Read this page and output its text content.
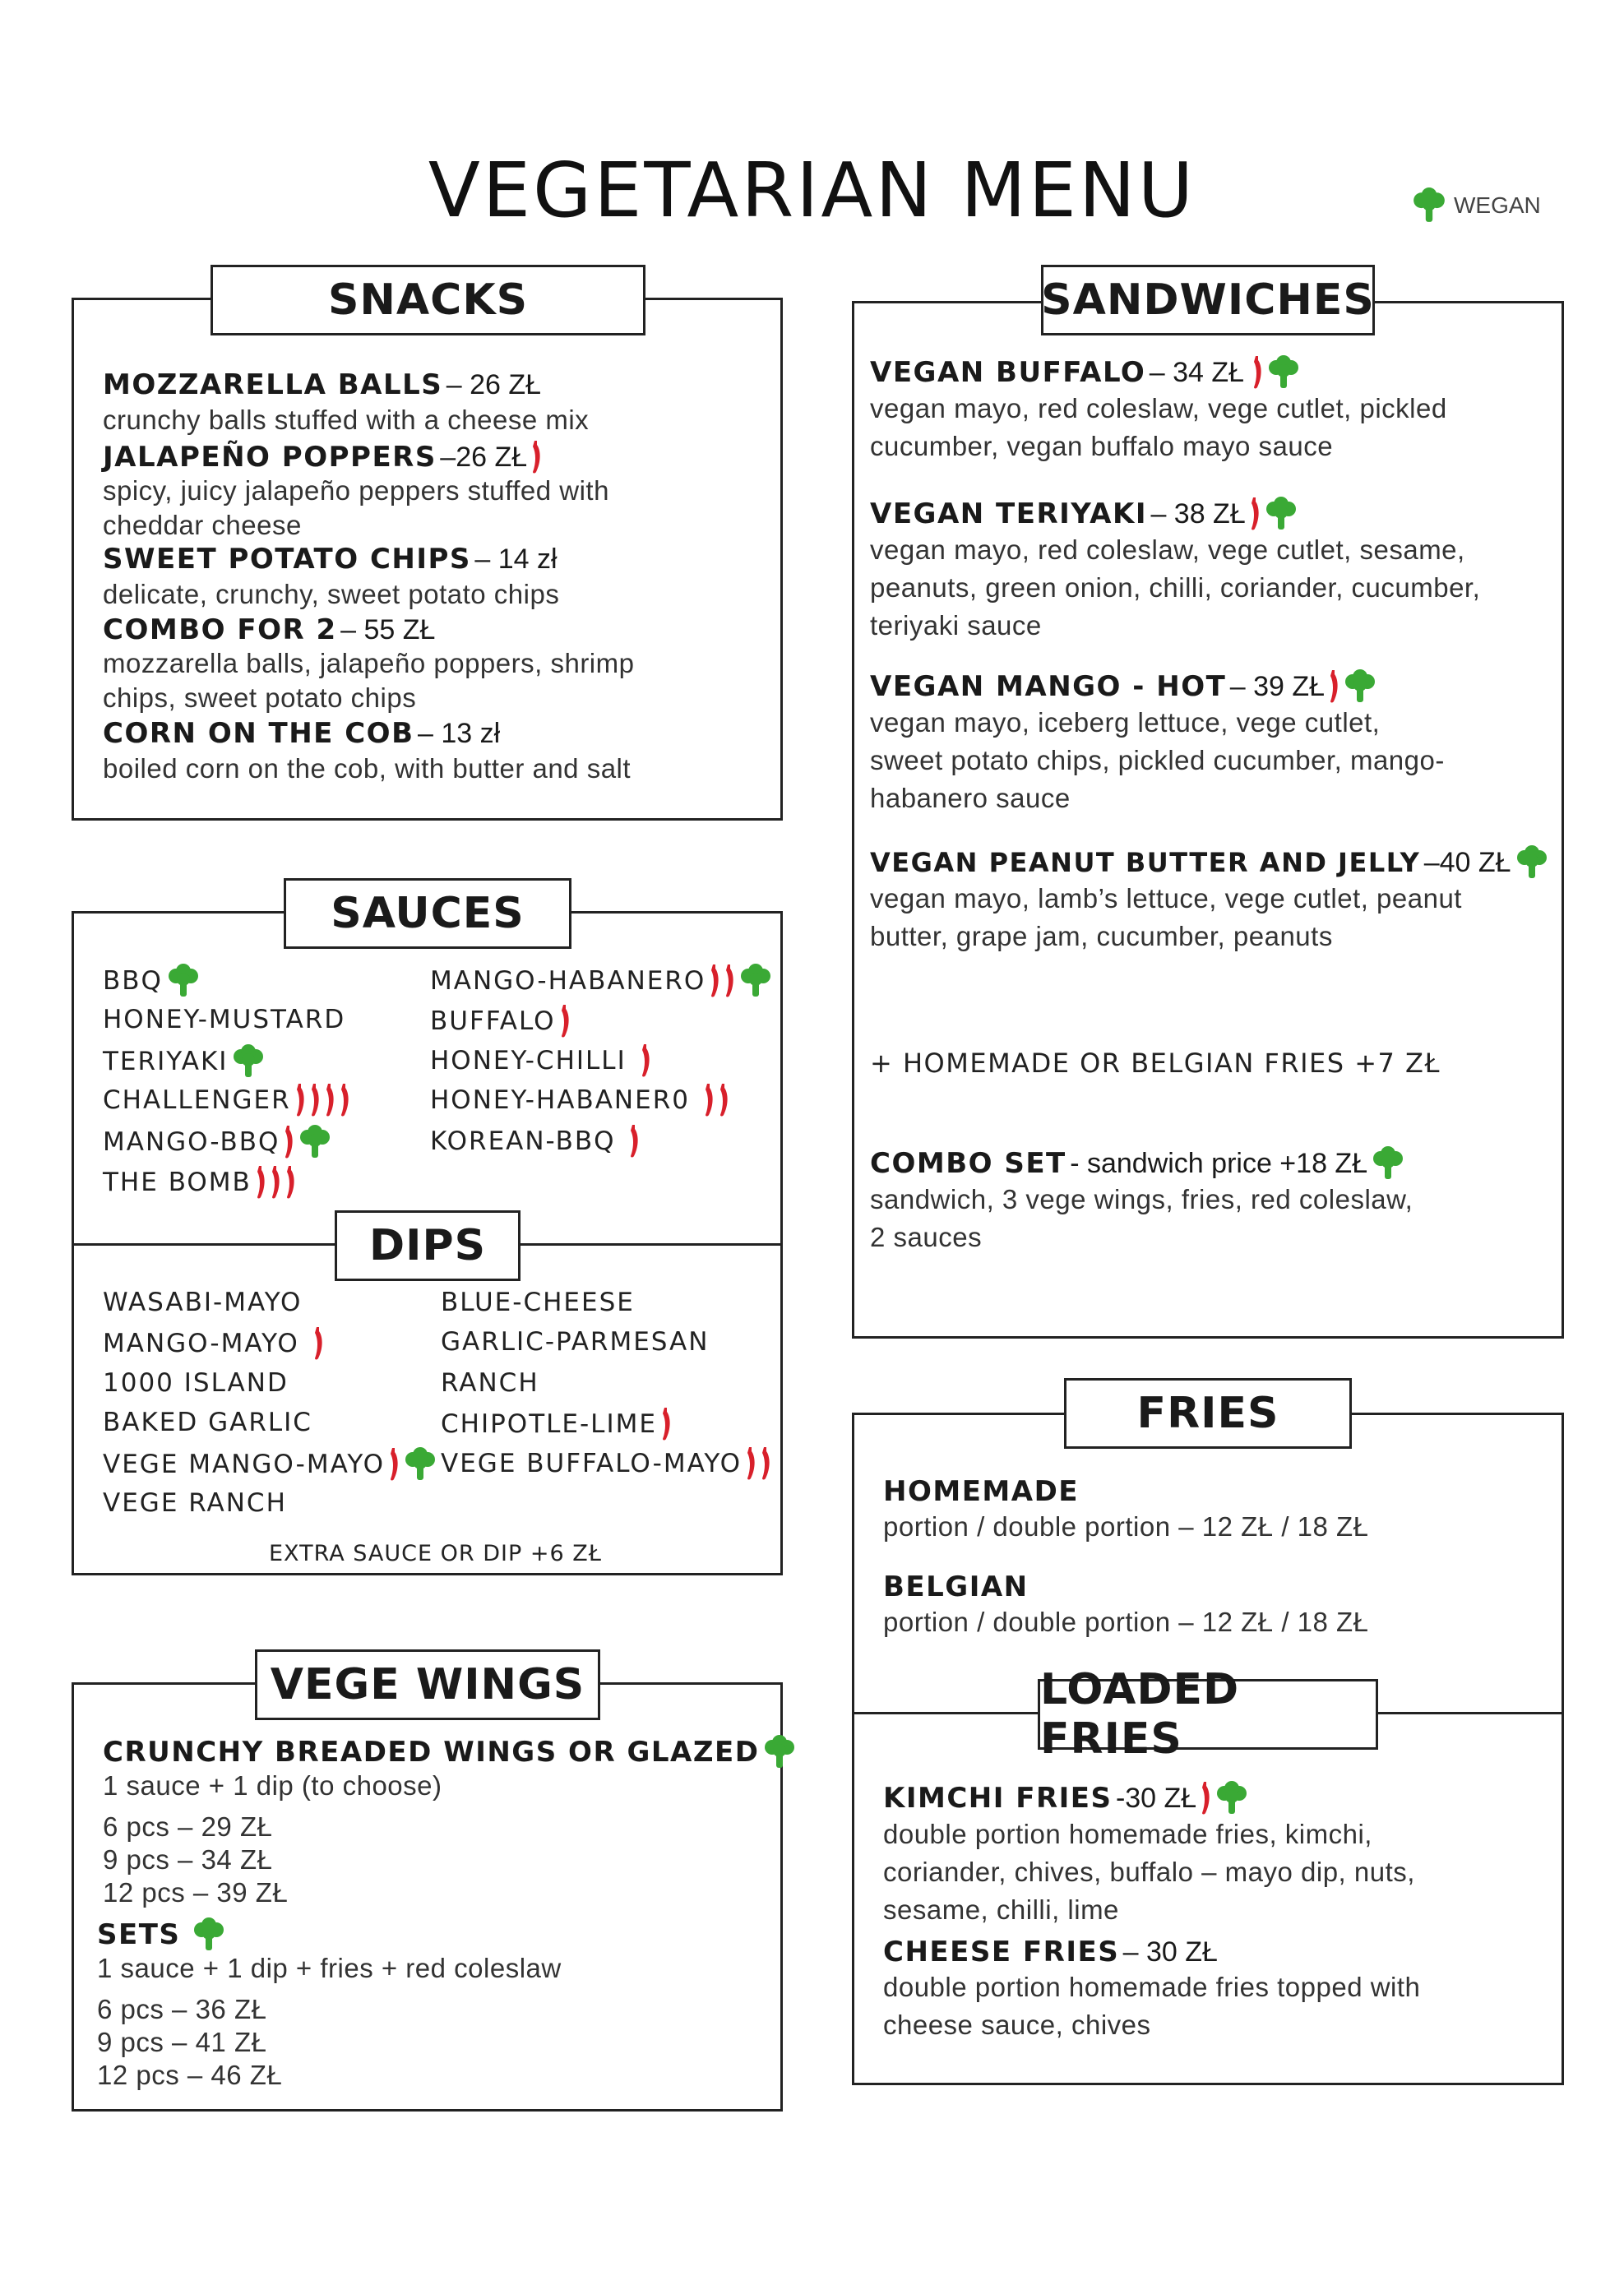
VEGETARIAN MENU	WEGAN
SNACKS
MOZZARELLA BALLS
– 26 ZŁ
crunchy balls stuffed with a cheese mix
JALAPEÑO POPPERS
–26 ZŁ
spicy, juicy jalapeño peppers stuffed with
cheddar cheese
SWEET POTATO CHIPS
– 14 zł
delicate, crunchy, sweet potato chips
COMBO FOR 2
– 55 ZŁ
mozzarella balls, jalapeño poppers, shrimp
chips, sweet potato chips
CORN ON THE COB
– 13 zł
boiled corn on the cob, with butter and salt
SAUCES
BBQ
HONEY-MUSTARD
TERIYAKI
CHALLENGER
MANGO-BBQ
THE BOMB
MANGO-HABANERO
BUFFALO
HONEY-CHILLI

HONEY-HABANER0

KOREAN-BBQ

DIPS
WASABI-MAYO
MANGO-MAYO

1000 ISLAND
BAKED GARLIC
VEGE MANGO-MAYO
VEGE RANCH
BLUE-CHEESE
GARLIC-PARMESAN
RANCH
CHIPOTLE-LIME
VEGE BUFFALO-MAYO
EXTRA SAUCE OR DIP +6 ZŁ
VEGE WINGS
CRUNCHY BREADED WINGS OR GLAZED
1 sauce + 1 dip (to choose)
6 pcs – 29 ZŁ
9 pcs – 34 ZŁ
12 pcs – 39 ZŁ
SETS
1 sauce + 1 dip + fries + red coleslaw
6 pcs – 36 ZŁ
9 pcs – 41 ZŁ
12 pcs – 46 ZŁ
SANDWICHES
VEGAN BUFFALO
– 34 ZŁ

vegan mayo, red coleslaw, vege cutlet, pickled
cucumber, vegan buffalo mayo sauce
VEGAN TERIYAKI
– 38 ZŁ
vegan mayo, red coleslaw, vege cutlet, sesame,
peanuts, green onion, chilli, coriander, cucumber,
teriyaki sauce
VEGAN MANGO - HOT
– 39 ZŁ
vegan mayo, iceberg lettuce, vege cutlet,
sweet potato chips, pickled cucumber, mango-
habanero sauce
VEGAN PEANUT BUTTER AND JELLY
–40 ZŁ
vegan mayo, lamb’s lettuce, vege cutlet, peanut
butter, grape jam, cucumber, peanuts
+ HOMEMADE OR BELGIAN FRIES +7 ZŁ
COMBO SET
- sandwich price +18 ZŁ
sandwich, 3 vege wings, fries, red coleslaw,
2 sauces
FRIES
HOMEMADE
portion / double portion – 12 ZŁ / 18 ZŁ
BELGIAN
portion / double portion – 12 ZŁ / 18 ZŁ
LOADED FRIES
KIMCHI FRIES
-30 ZŁ
double portion homemade fries, kimchi,
coriander, chives, buffalo – mayo dip, nuts,
sesame, chilli, lime
CHEESE FRIES
– 30 ZŁ
double portion homemade fries topped with
cheese sauce, chives
